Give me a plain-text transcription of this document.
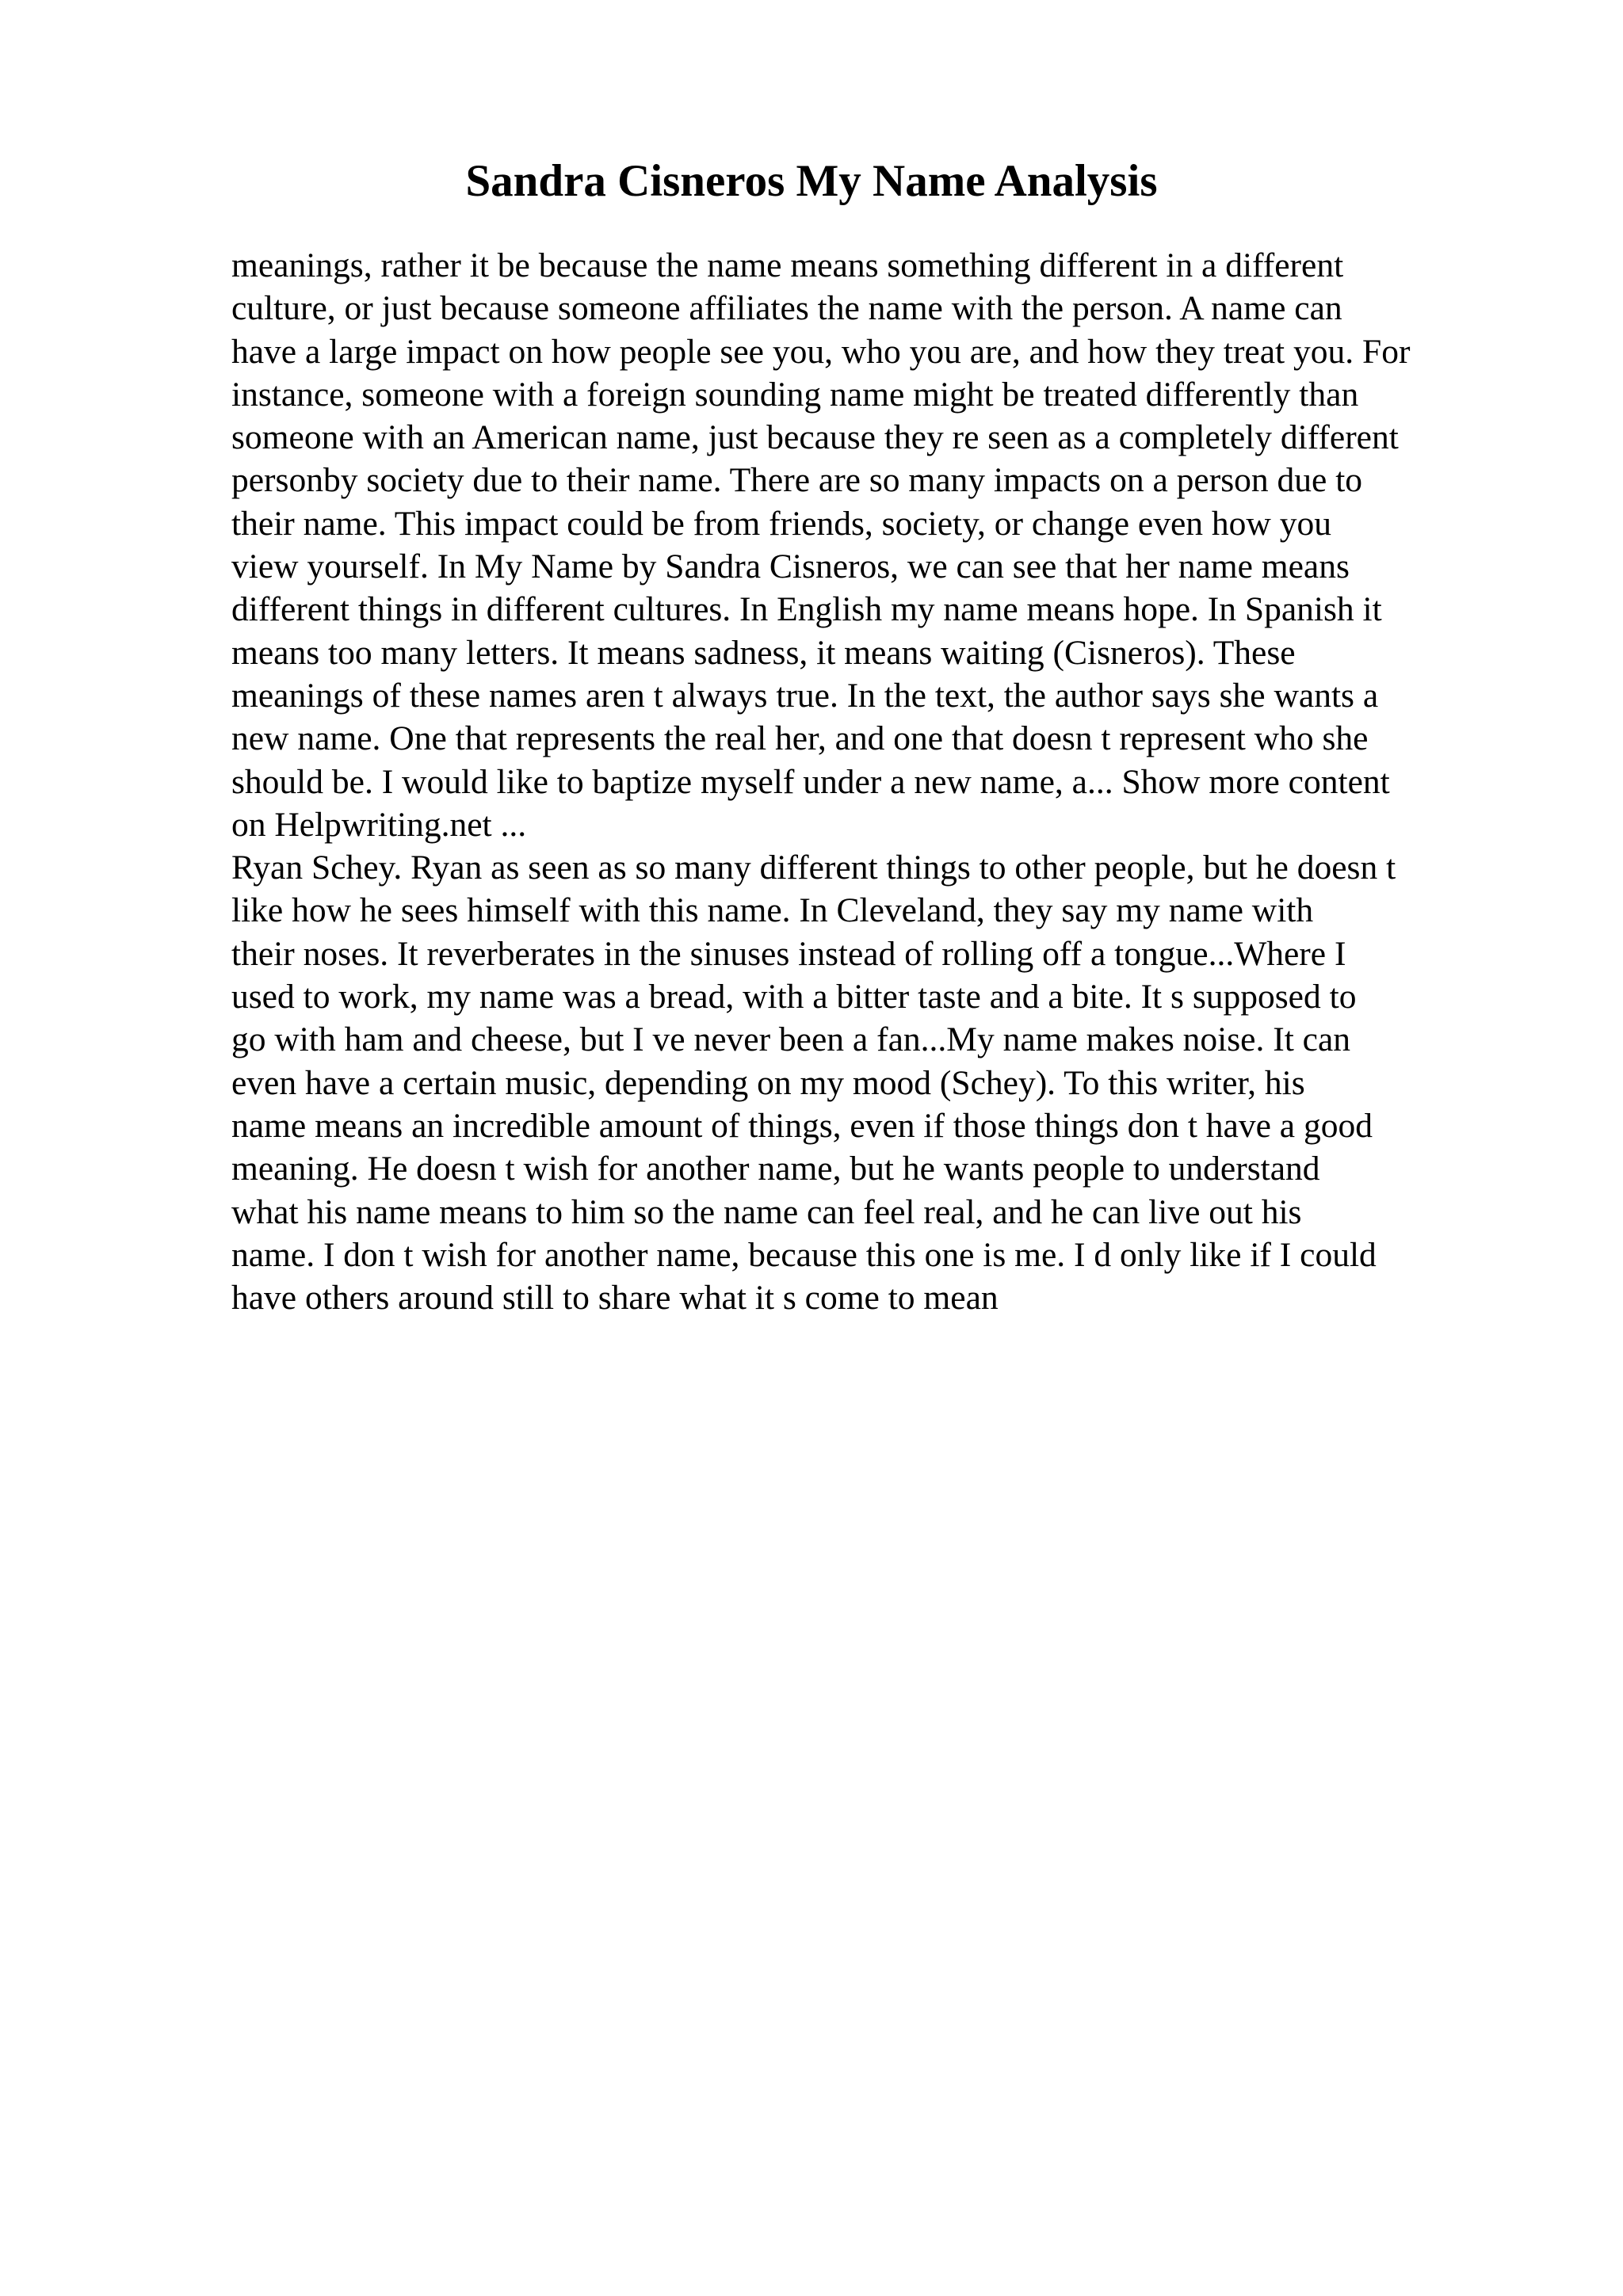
Sandra Cisneros My Name Analysis
meanings, rather it be because the name means something different in a different
culture, or just because someone affiliates the name with the person. A name can
have a large impact on how people see you, who you are, and how they treat you. For
instance, someone with a foreign sounding name might be treated differently than
someone with an American name, just because they re seen as a completely different
personby society due to their name. There are so many impacts on a person due to
their name. This impact could be from friends, society, or change even how you
view yourself. In My Name by Sandra Cisneros, we can see that her name means
different things in different cultures. In English my name means hope. In Spanish it
means too many letters. It means sadness, it means waiting (Cisneros). These
meanings of these names aren t always true. In the text, the author says she wants a
new name. One that represents the real her, and one that doesn t represent who she
should be. I would like to baptize myself under a new name, a... Show more content
on Helpwriting.net ...
Ryan Schey. Ryan as seen as so many different things to other people, but he doesn t
like how he sees himself with this name. In Cleveland, they say my name with
their noses. It reverberates in the sinuses instead of rolling off a tongue...Where I
used to work, my name was a bread, with a bitter taste and a bite. It s supposed to
go with ham and cheese, but I ve never been a fan...My name makes noise. It can
even have a certain music, depending on my mood (Schey). To this writer, his
name means an incredible amount of things, even if those things don t have a good
meaning. He doesn t wish for another name, but he wants people to understand
what his name means to him so the name can feel real, and he can live out his
name. I don t wish for another name, because this one is me. I d only like if I could
have others around still to share what it s come to mean
